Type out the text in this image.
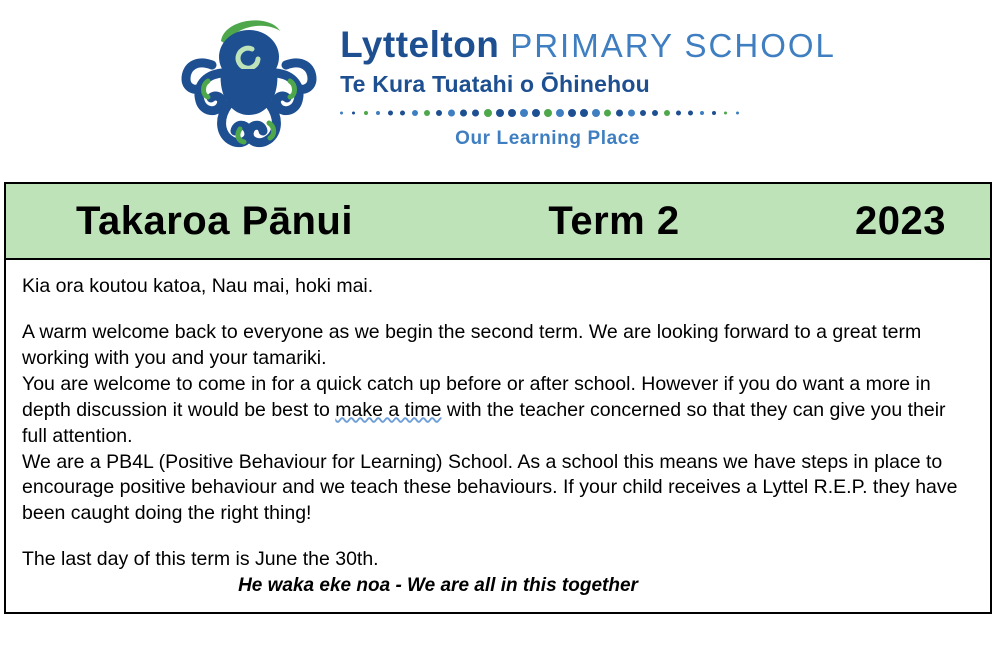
Lyttelton PRIMARY SCHOOL
Te Kura Tuatahi o Ōhinehou
Our Learning Place
Takaroa Pānui	Term 2	2023

Kia ora koutou katoa, Nau mai, hoki mai.

A warm welcome back to everyone as we begin the second term. We are looking forward to a great term working with you and your tamariki.

You are welcome to come in for a quick catch up before or after school. However if you do want a more in depth discussion it would be best to make a time with the teacher concerned so that they can give you their full attention.

We are a PB4L (Positive Behaviour for Learning) School. As a school this means we have steps in place to encourage positive behaviour and we teach these behaviours. If your child receives a Lyttel R.E.P. they have been caught doing the right thing!

The last day of this term is June the 30th.

He waka eke noa - We are all in this together
